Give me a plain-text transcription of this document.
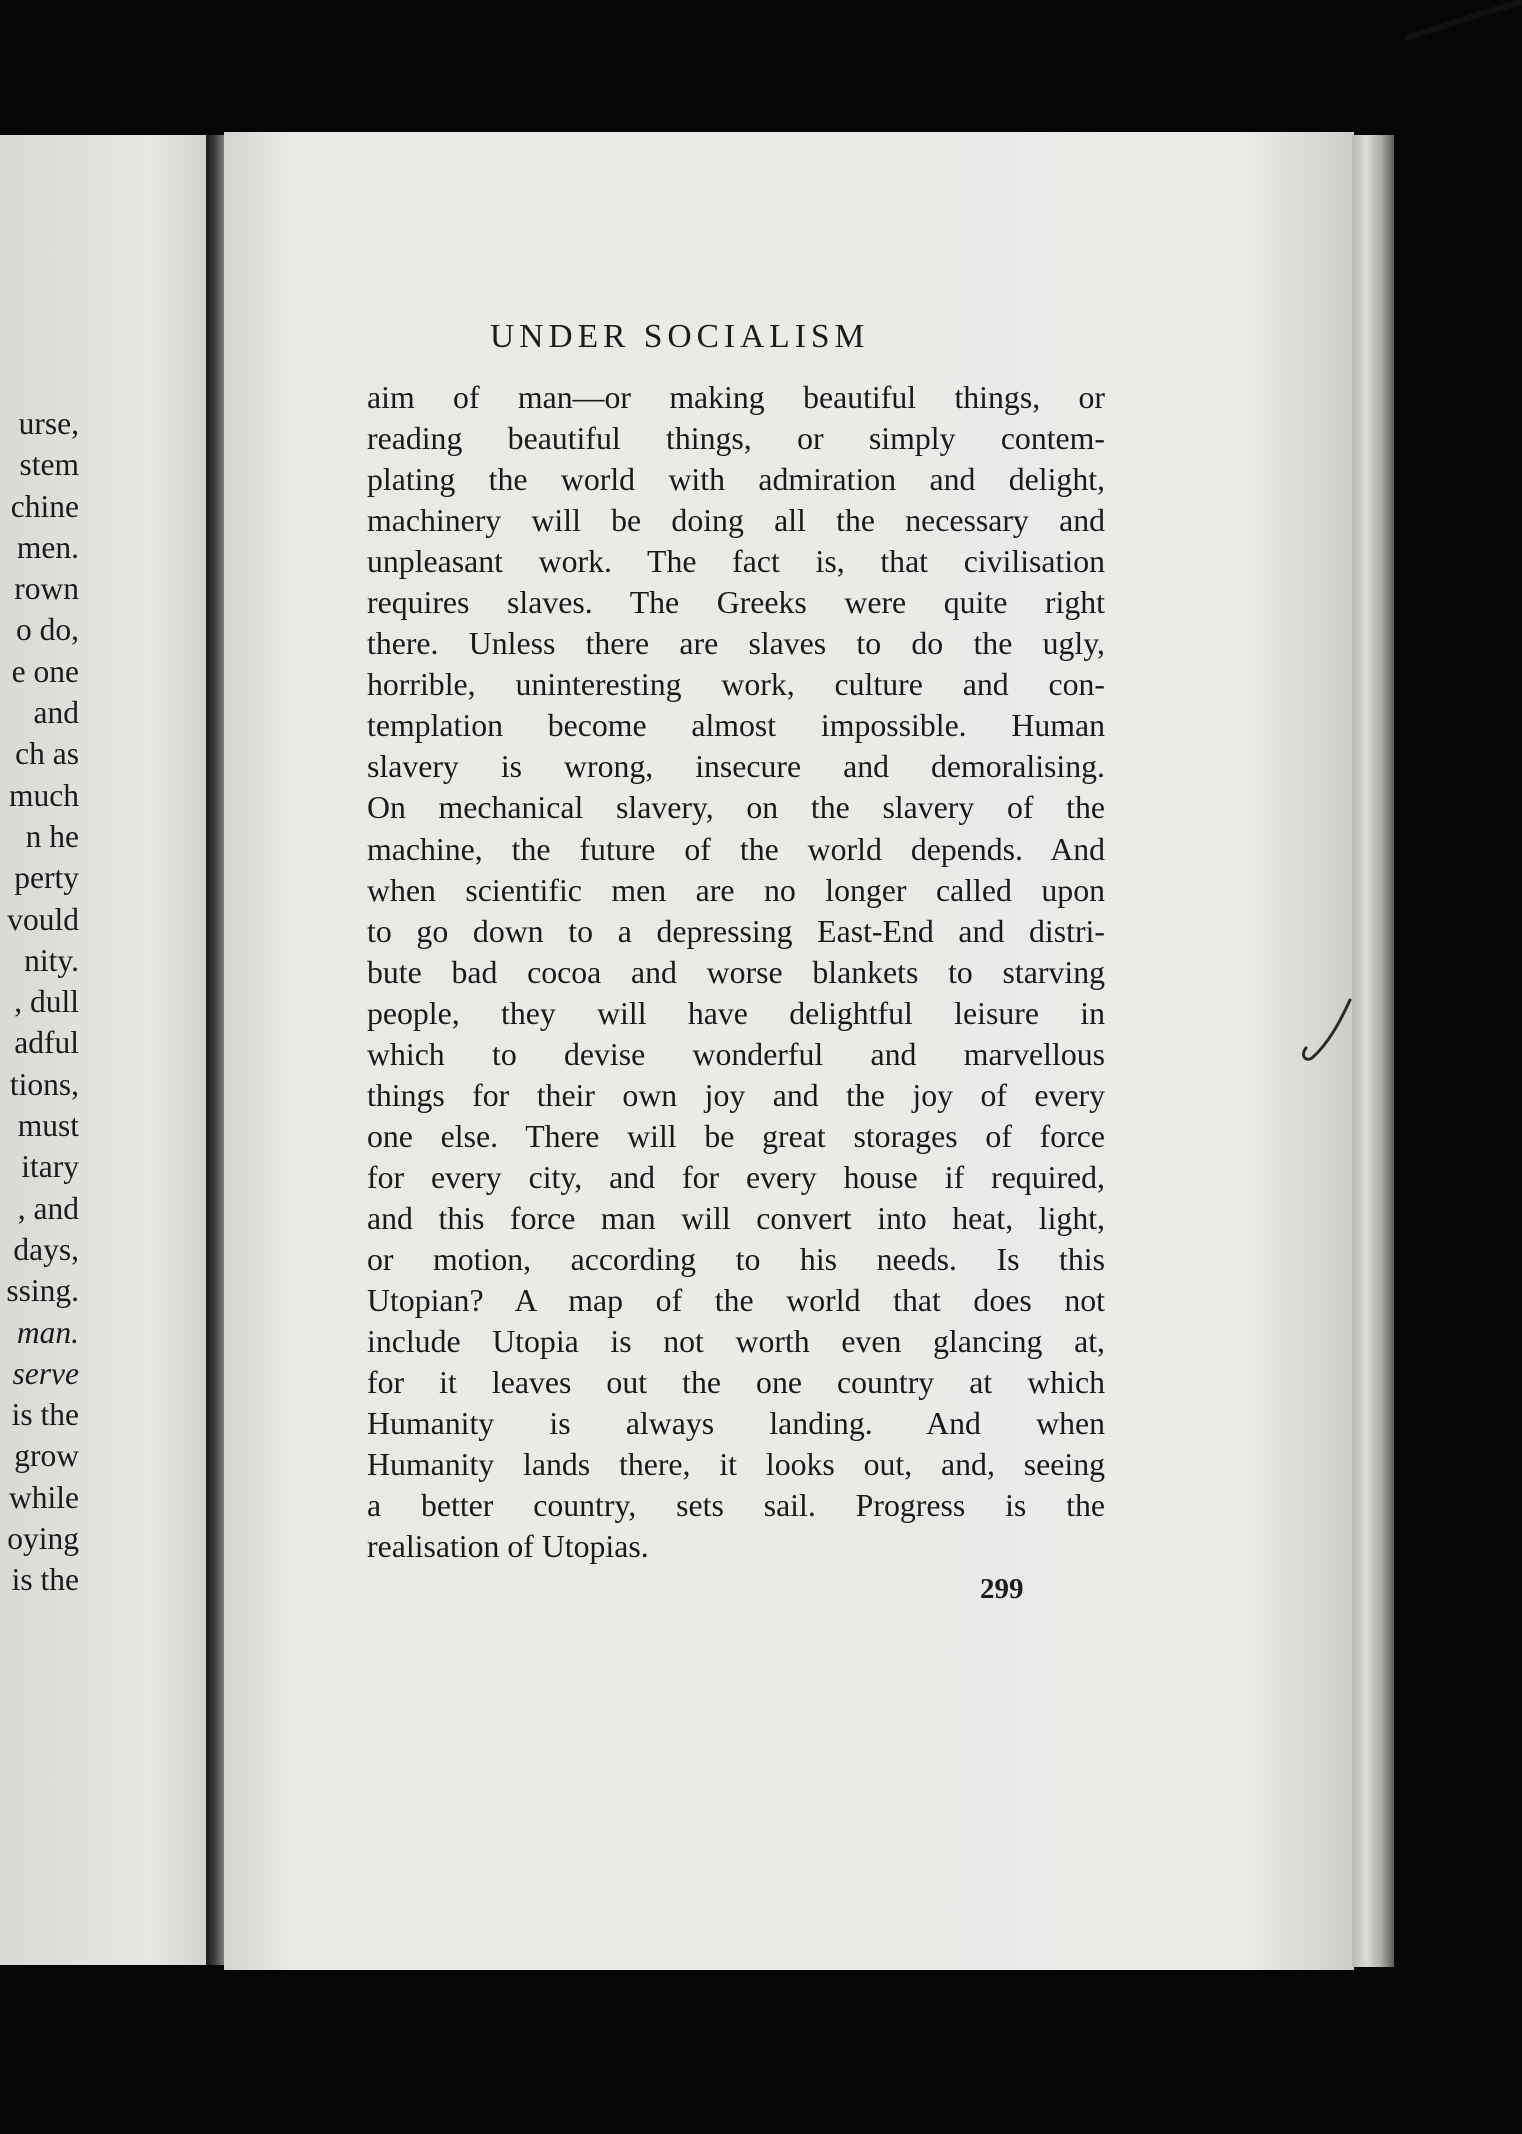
urse,
stem
chine
men.
rown
o do,
e one
and
ch as
much
n he
perty
vould
nity.
, dull
adful
tions,
must
itary
, and
days,
ssing.
man.
serve
is the
grow
while
oying
is the
UNDER SOCIALISM
aim of man—or making beautiful things, or
reading beautiful things, or simply contem-
plating the world with admiration and delight,
machinery will be doing all the necessary and
unpleasant work. The fact is, that civilisation
requires slaves. The Greeks were quite right
there. Unless there are slaves to do the ugly,
horrible, uninteresting work, culture and con-
templation become almost impossible. Human
slavery is wrong, insecure and demoralising.
On mechanical slavery, on the slavery of the
machine, the future of the world depends. And
when scientific men are no longer called upon
to go down to a depressing East-End and distri-
bute bad cocoa and worse blankets to starving
people, they will have delightful leisure in
which to devise wonderful and marvellous
things for their own joy and the joy of every
one else. There will be great storages of force
for every city, and for every house if required,
and this force man will convert into heat, light,
or motion, according to his needs. Is this
Utopian? A map of the world that does not
include Utopia is not worth even glancing at,
for it leaves out the one country at which
Humanity is always landing. And when
Humanity lands there, it looks out, and, seeing
a better country, sets sail. Progress is the
realisation of Utopias.
299
